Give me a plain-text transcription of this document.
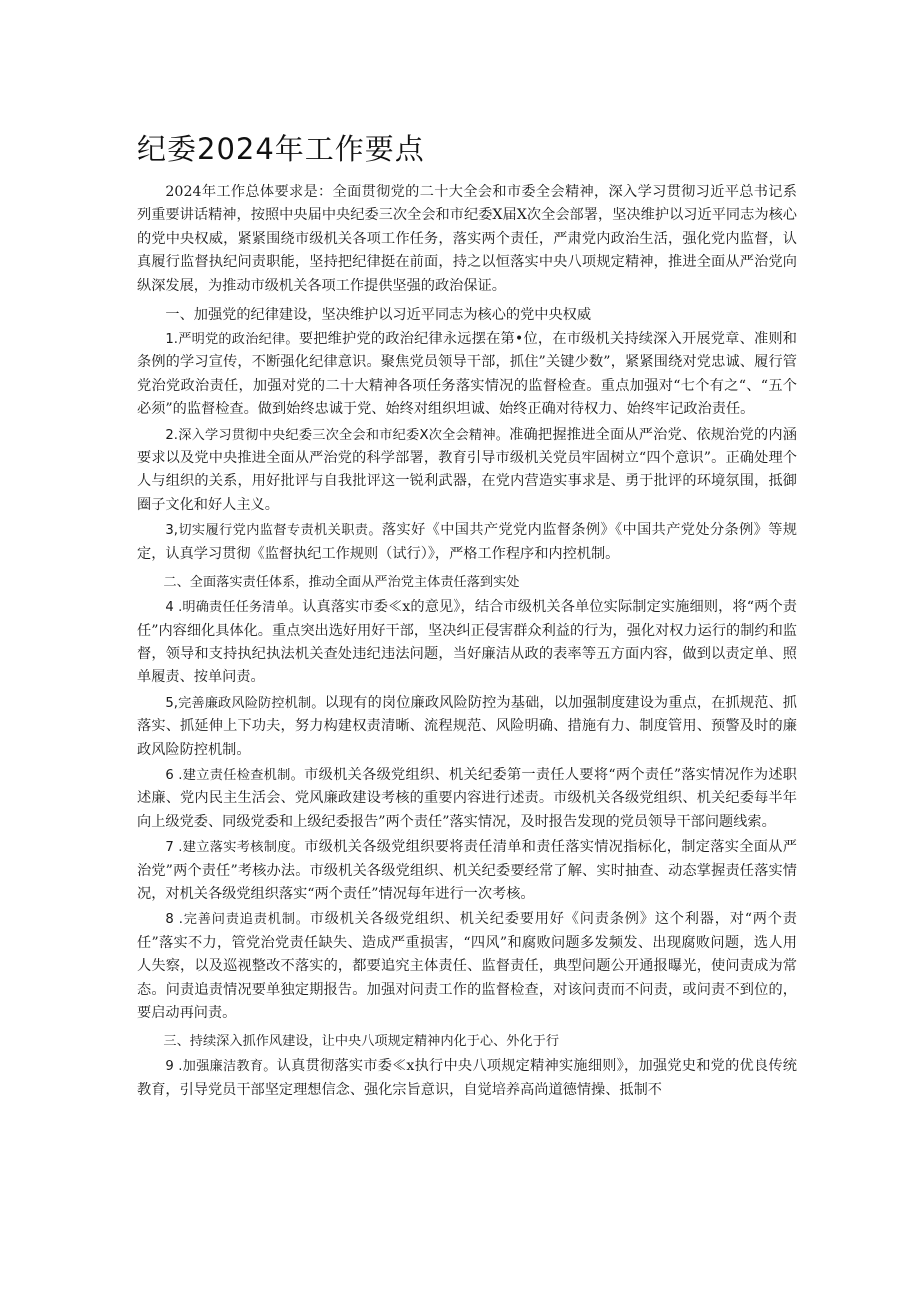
纪委2024年工作要点

2024年工作总体要求是：全面贯彻党的二十大全会和市委全会精神，深入学习贯彻习近平总书记系列重要讲话精神，按照中央届中央纪委三次全会和市纪委X届X次全会部署，坚决维护以习近平同志为核心的党中央权威，紧紧围绕市级机关各项工作任务，落实两个责任，严肃党内政治生活，强化党内监督，认真履行监督执纪问责职能，坚持把纪律挺在前面，持之以恒落实中央八项规定精神，推进全面从严治党向纵深发展，为推动市级机关各项工作提供坚强的政治保证。

一、加强党的纪律建设，坚决维护以习近平同志为核心的党中央权威

1.严明党的政治纪律。要把维护党的政治纪律永远摆在第•位，在市级机关持续深入开展党章、准则和条例的学习宣传，不断强化纪律意识。聚焦党员领导干部，抓住”关键少数”，紧紧围绕对党忠诚、履行管党治党政治责任，加强对党的二十大精神各项任务落实情况的监督检查。重点加强对“七个有之“、“五个必须”的监督检查。做到始终忠诚于党、始终对组织坦诚、始终正确对待权力、始终牢记政治责任。

2.深入学习贯彻中央纪委三次全会和市纪委X次全会精神。准确把握推进全面从严治党、依规治党的内涵要求以及党中央推进全面从严治党的科学部署，教育引导市级机关党员牢固树立“四个意识”。正确处理个人与组织的关系，用好批评与自我批评这一锐利武器，在党内营造实事求是、勇于批评的环境氛围，抵御圈子文化和好人主义。

3,切实履行党内监督专责机关职责。落实好《中国共产党党内监督条例》《中国共产党处分条例》等规定，认真学习贯彻《监督执纪工作规则（试行）》，严格工作程序和内控机制。

二、全面落实责任体系，推动全面从严治党主体责任落到实处

4 .明确责任任务清单。认真落实市委≪x的意见》，结合市级机关各单位实际制定实施细则，将“两个责任”内容细化具体化。重点突出选好用好干部，坚决纠正侵害群众利益的行为，强化对权力运行的制约和监督，领导和支持执纪执法机关查处违纪违法问题，当好廉洁从政的表率等五方面内容，做到以责定单、照单履责、按单问责。

5,完善廉政风险防控机制。以现有的岗位廉政风险防控为基础，以加强制度建设为重点，在抓规范、抓落实、抓延伸上下功夫，努力构建权责清晰、流程规范、风险明确、措施有力、制度管用、预警及时的廉政风险防控机制。

6 .建立责任检查机制。市级机关各级党组织、机关纪委第一责任人要将“两个责任”落实情况作为述职述廉、党内民主生活会、党风廉政建设考核的重要内容进行述责。市级机关各级党组织、机关纪委每半年向上级党委、同级党委和上级纪委报告”两个责任”落实情况，及时报告发现的党员领导干部问题线索。

7 .建立落实考核制度。市级机关各级党组织要将责任清单和责任落实情况指标化，制定落实全面从严治党”两个责任”考核办法。市级机关各级党组织、机关纪委要经常了解、实时抽查、动态掌握责任落实情况，对机关各级党组织落实“两个责任”情况每年进行一次考核。

8 .完善问责追责机制。市级机关各级党组织、机关纪委要用好《问责条例》这个利器，对“两个责任”落实不力，管党治党责任缺失、造成严重损害，“四风”和腐败问题多发频发、出现腐败问题，选人用人失察，以及巡视整改不落实的，都要追究主体责任、监督责任，典型问题公开通报曝光，使问责成为常态。问责追责情况要单独定期报告。加强对问责工作的监督检查，对该问责而不问责，或问责不到位的，要启动再问责。

三、持续深入抓作风建设，让中央八项规定精神内化于心、外化于行

9 .加强廉洁教育。认真贯彻落实市委≪x执行中央八项规定精神实施细则》，加强党史和党的优良传统教育，引导党员干部坚定理想信念、强化宗旨意识，自觉培养高尚道德情操、抵制不
